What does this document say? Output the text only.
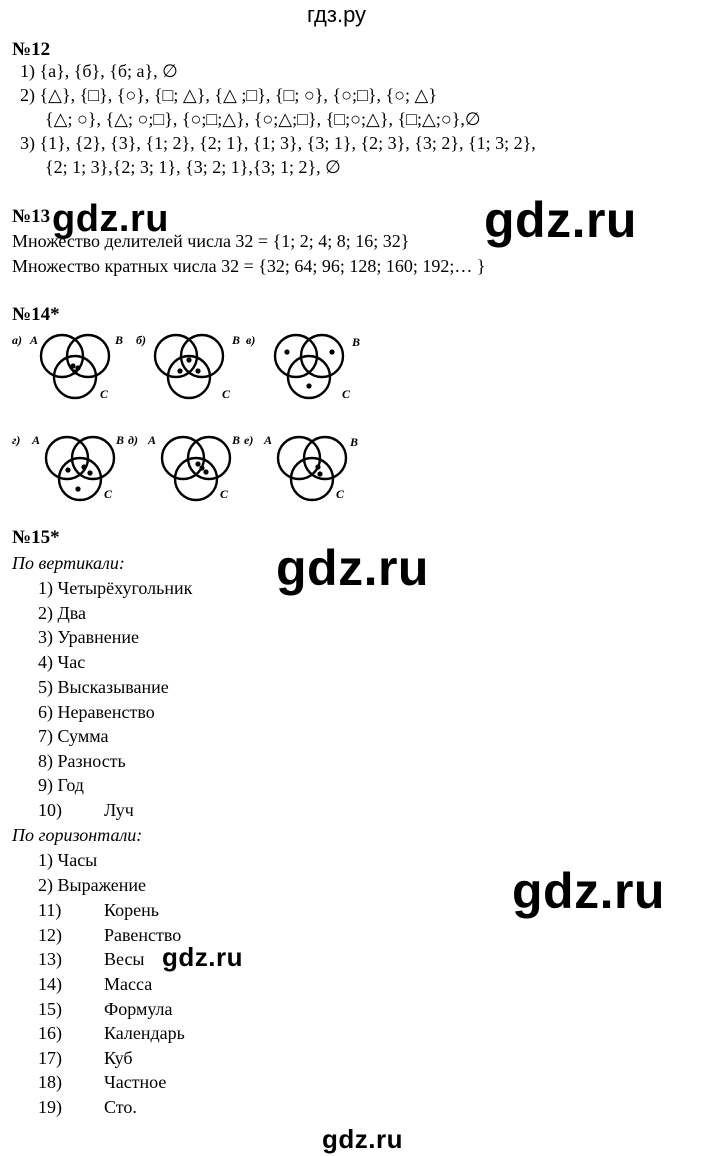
гдз.ру
№12
1) {а}, {б}, {б; а}, ∅
2) {△}, {□}, {○}, {□; △}, {△ ;□}, {□; ○}, {○;□}, {○; △}
{△; ○}, {△; ○;□}, {○;□;△}, {○;△;□}, {□;○;△}, {□;△;○},∅
3) {1}, {2}, {3}, {1; 2}, {2; 1}, {1; 3}, {3; 1}, {2; 3}, {3; 2}, {1; 3; 2},
{2; 1; 3},{2; 3; 1}, {3; 2; 1},{3; 1; 2}, ∅
№13
Множество делителей числа 32 = {1; 2; 4; 8; 16; 32}
Множество кратных числа 32 = {32; 64; 96; 128; 160; 192;… }
№14*
а) A	B
C
б)	B
C
в)	B
C
г) A	B
C
д) A	B
C
е) A	B
C
№15*
По вертикали:
1) Четырёхугольник
2) Два
3) Уравнение
4) Час
5) Высказывание
6) Неравенство
7) Сумма
8) Разность
9) Год
10) Луч
По горизонтали:
1) Часы
2) Выражение
11) Корень
12) Равенство
13) Весы
14) Масса
15) Формула
16) Календарь
17) Куб
18) Частное
19) Сто.
gdz.ru	gdz.ru
gdz.ru
gdz.ru
gdz.ru
gdz.ru
